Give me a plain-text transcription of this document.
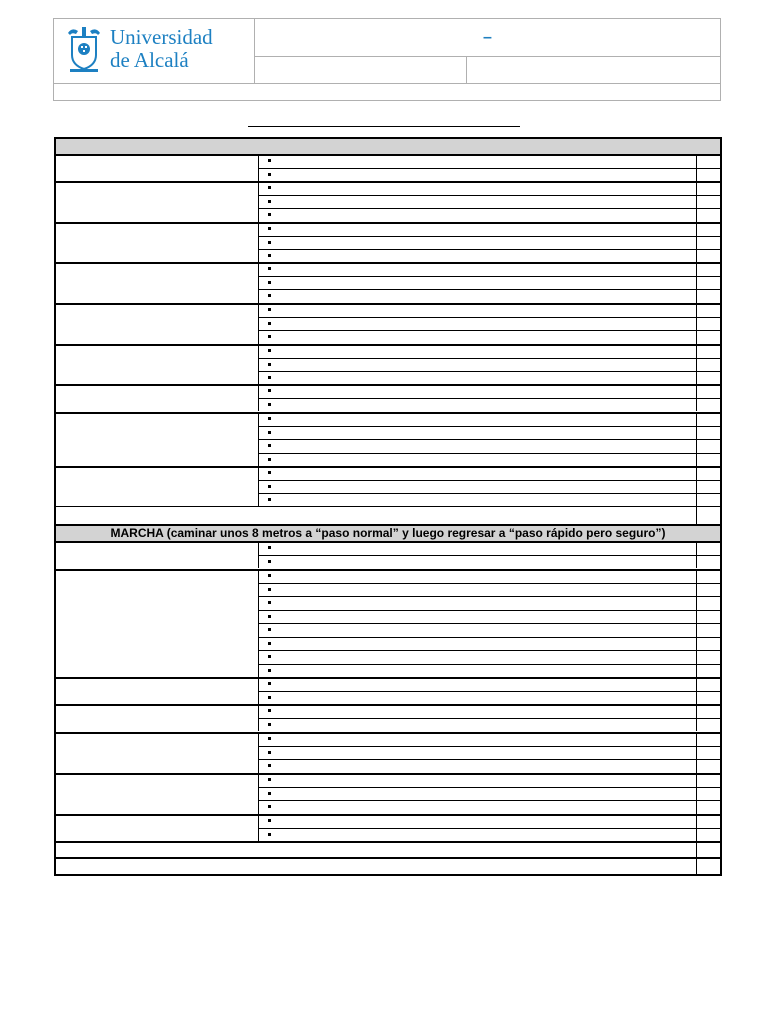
Universidad
de Alcalá
–
MARCHA (caminar unos 8 metros a “paso normal” y luego regresar a “paso rápido pero seguro”)
